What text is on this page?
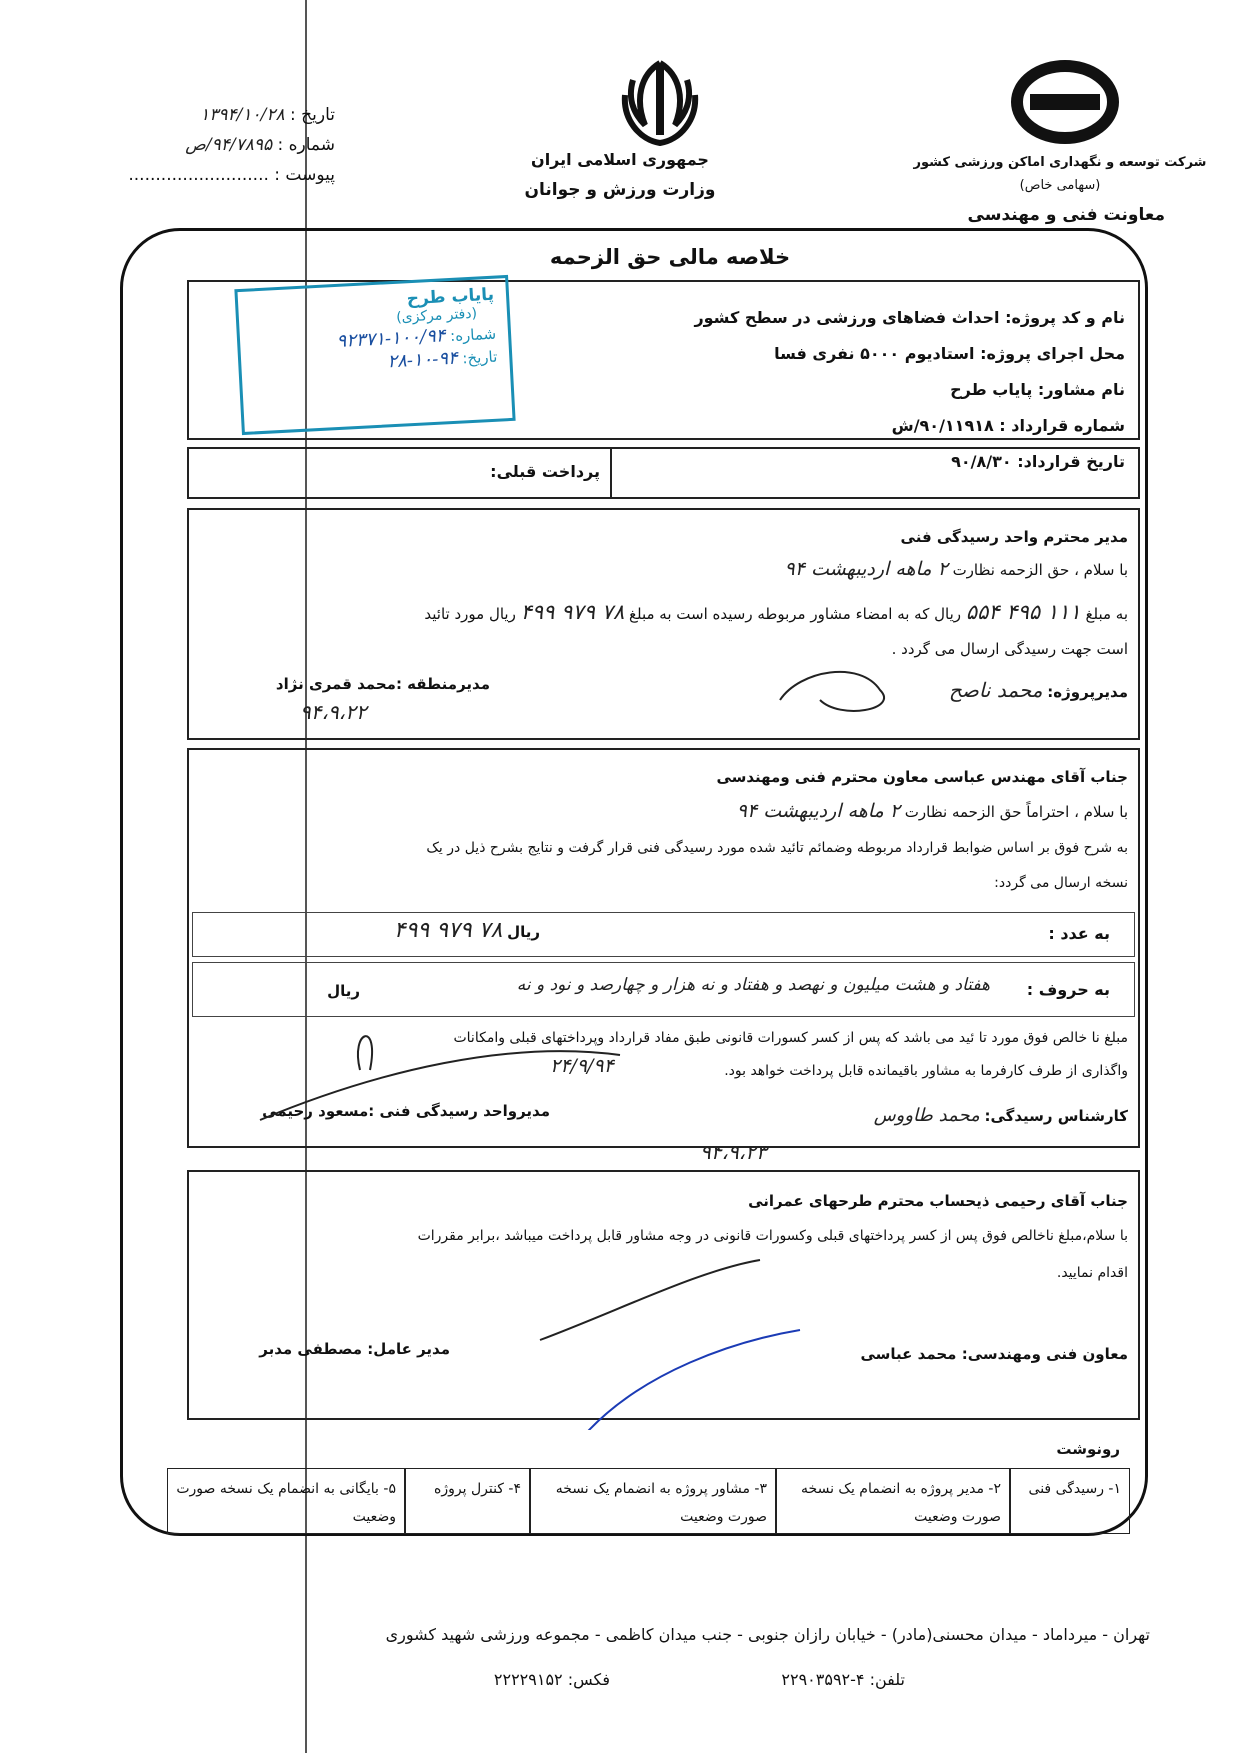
تاریخ : ۱۳۹۴/۱۰/۲۸
شماره : ۹۴/۷۸۹۵/ص
پیوست : ..........................
جمهوری اسلامی ایران
وزارت ورزش و جوانان
شرکت توسعه و نگهداری اماکن ورزشی کشور
(سهامی خاص)
معاونت فنی و مهندسی
خلاصه مالی حق الزحمه
نام و کد پروژه: احداث فضاهای ورزشی در سطح کشور
محل اجرای پروژه: استادیوم ۵۰۰۰ نفری فسا
نام مشاور: پایاب طرح
شماره قرارداد : ۹۰/۱۱۹۱۸/ش
تاریخ قرارداد: ۹۰/۸/۳۰
پایاب طرح
(دفتر مرکزی)
شماره: ۱۰۰/۹۴-۹۲۳۷۱
تاریخ: ۹۴-۱۰-۲۸
پرداخت قبلی:
مدیر محترم واحد رسیدگی فنی
با سلام ، حق الزحمه نظارت ۲ ماهه اردیبهشت ۹۴
به مبلغ ۱۱۱ ۴۹۵ ۵۵۴ ریال که به امضاء مشاور مربوطه رسیده است به مبلغ ۷۸ ۹۷۹ ۴۹۹ ریال مورد تائید
است جهت رسیدگی ارسال می گردد .
مدیرپروژه: محمد ناصح
مدیرمنطقه :محمد قمری نژاد
۹۴،۹،۲۲
جناب آقای مهندس عباسی معاون محترم فنی ومهندسی
با سلام ، احتراماً حق الزحمه نظارت ۲ ماهه اردیبهشت ۹۴
به شرح فوق بر اساس ضوابط قرارداد مربوطه وضمائم تائید شده مورد رسیدگی فنی قرار گرفت و نتایج بشرح ذیل در یک
نسخه ارسال می گردد:
به عدد :
ریال ۷۸ ۹۷۹ ۴۹۹
به حروف :
هفتاد و هشت میلیون و نهصد و هفتاد و نه هزار و چهارصد و نود و نه
ریال
مبلغ نا خالص فوق مورد تا ئید می باشد که پس از کسر کسورات قانونی طبق مفاد قرارداد وپرداختهای قبلی وامکانات
واگذاری از طرف کارفرما به مشاور باقیمانده قابل پرداخت خواهد بود.
۲۴/۹/۹۴
کارشناس رسیدگی: محمد طاووس
مدیرواحد رسیدگی فنی :مسعود رحیمی
۹۴،۹،۲۳
جناب آقای رحیمی ذیحساب محترم طرحهای عمرانی
با سلام،مبلغ ناخالص فوق پس از کسر پرداختهای قبلی وکسورات قانونی در وجه مشاور قابل پرداخت میباشد ،برابر مقررات
اقدام نمایید.
معاون فنی ومهندسی: محمد عباسی
مدیر عامل: مصطفی مدبر
رونوشت
۱- رسیدگی فنی
۲- مدیر پروژه به انضمام یک نسخه صورت وضعیت
۳- مشاور پروژه به انضمام یک نسخه صورت وضعیت
۴- کنترل پروژه
۵- بایگانی به انضمام یک نسخه صورت وضعیت
تهران - میرداماد - میدان محسنی(مادر) - خیابان رازان جنوبی - جنب میدان کاظمی - مجموعه ورزشی شهید کشوری
تلفن: ۴-۲۲۹۰۳۵۹۲
فکس: ۲۲۲۲۹۱۵۲
